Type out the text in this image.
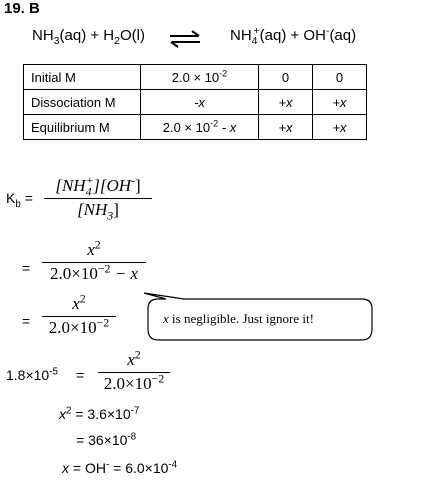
19. B
$NH_3(aq) + H_2O(l)$ ⇌ $NH_4^+(aq) + OH^-(aq)$
Initial M	$2.0 \times 10^{-2}$	0	0
Dissociation M	-x	+x	+x
Equilibrium M	$2.0 \times 10^{-2} - x$	+x	+x
$K_b$ =
$[NH_4^+][OH^-]$
$[NH_3]$
=
$x^2$
$2.0\times 10^{-2} - x$
=
$x^2$
$2.0\times 10^{-2}$	x is negligible. Just ignore it!
$1.8\times 10^{-5}$ =
$x^2$
$2.0\times 10^{-2}$
$x^2 = 3.6\times 10^{-7}$
= $36\times 10^{-8}$
$x = OH^- = 6.0\times 10^{-4}$
